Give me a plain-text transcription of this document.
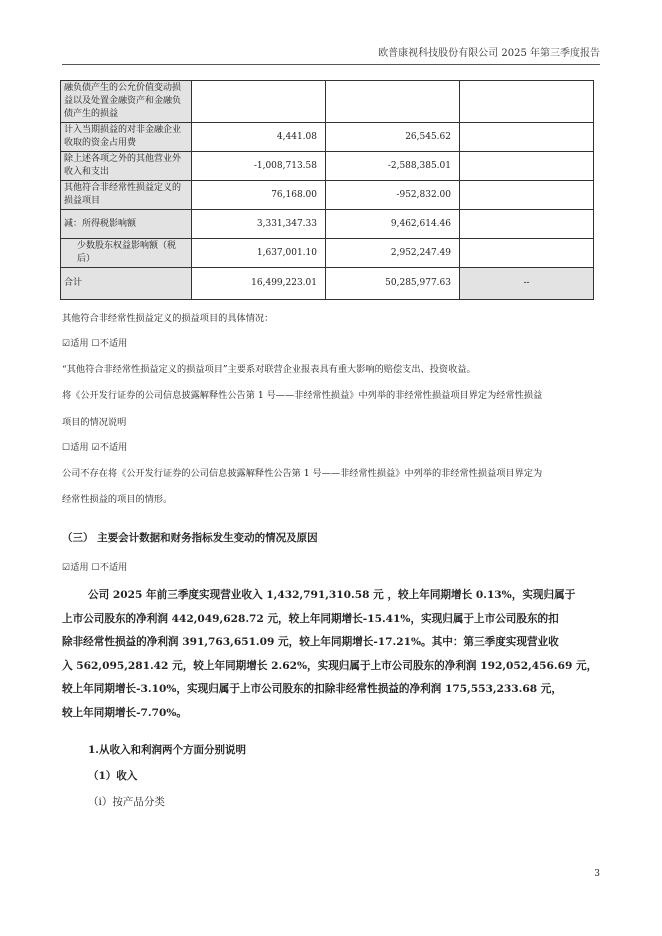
欧普康视科技股份有限公司 2025 年第三季度报告
融负债产生的公允价值变动损益以及处置金融资产和金融负债产生的损益			
计入当期损益的对非金融企业收取的资金占用费	4,441.08	26,545.62	
除上述各项之外的其他营业外收入和支出	-1,008,713.58	-2,588,385.01	
其他符合非经常性损益定义的损益项目	76,168.00	-952,832.00	
减：所得税影响额	3,331,347.33	9,462,614.46	
少数股东权益影响额（税后）	1,637,001.10	2,952,247.49	
合计	16,499,223.01	50,285,977.63	--
其他符合非经常性损益定义的损益项目的具体情况：
☑适用 ☐不适用
“其他符合非经常性损益定义的损益项目”主要系对联营企业报表具有重大影响的赔偿支出、投资收益。
将《公开发行证券的公司信息披露解释性公告第 1 号——非经常性损益》中列举的非经常性损益项目界定为经常性损益
项目的情况说明
☐适用 ☑不适用
公司不存在将《公开发行证券的公司信息披露解释性公告第 1 号——非经常性损益》中列举的非经常性损益项目界定为
经常性损益的项目的情形。
（三） 主要会计数据和财务指标发生变动的情况及原因
☑适用 ☐不适用
公司 2025 年前三季度实现营业收入 1,432,791,310.58 元 ，较上年同期增长 0.13%，实现归属于
上市公司股东的净利润 442,049,628.72 元，较上年同期增长-15.41%，实现归属于上市公司股东的扣
除非经常性损益的净利润 391,763,651.09 元，较上年同期增长-17.21%。其中：第三季度实现营业收
入 562,095,281.42 元，较上年同期增长 2.62%，实现归属于上市公司股东的净利润 192,052,456.69 元，
较上年同期增长-3.10%，实现归属于上市公司股东的扣除非经常性损益的净利润 175,553,233.68 元，
较上年同期增长-7.70%。
1.从收入和利润两个方面分别说明
（1）收入
（i）按产品分类
3
